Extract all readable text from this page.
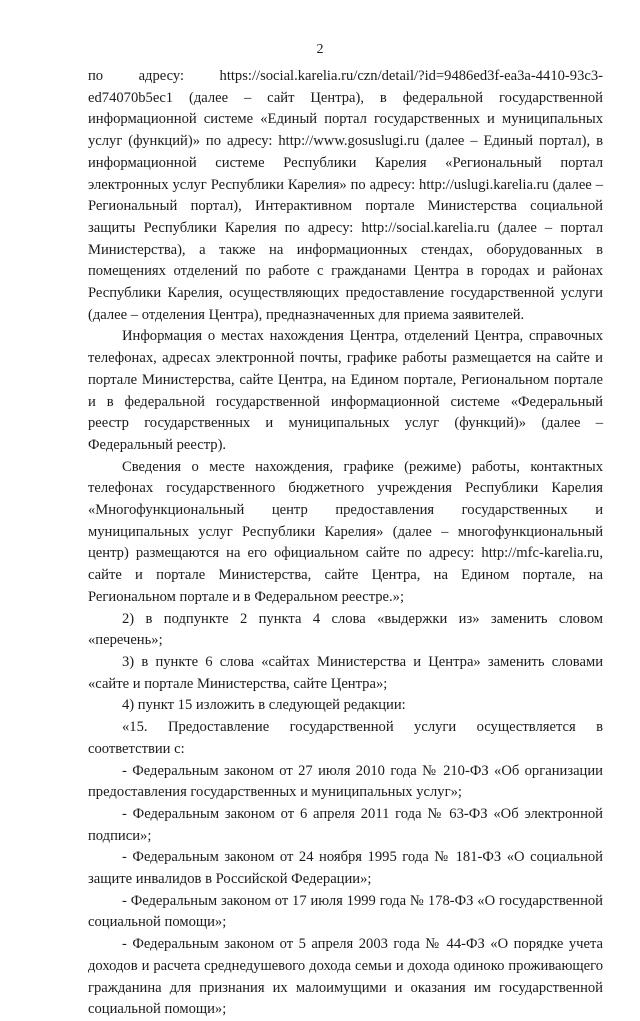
2

по адресу: https://social.karelia.ru/czn/detail/?id=9486ed3f-ea3a-4410-93c3-ed74070b5ec1 (далее – сайт Центра), в федеральной государственной информационной системе «Единый портал государственных и муниципальных услуг (функций)» по адресу: http://www.gosuslugi.ru (далее – Единый портал), в информационной системе Республики Карелия «Региональный портал электронных услуг Республики Карелия» по адресу: http://uslugi.karelia.ru (далее – Региональный портал), Интерактивном портале Министерства социальной защиты Республики Карелия по адресу: http://social.karelia.ru (далее – портал Министерства), а также на информационных стендах, оборудованных в помещениях отделений по работе с гражданами Центра в городах и районах Республики Карелия, осуществляющих предоставление государственной услуги (далее – отделения Центра), предназначенных для приема заявителей.

Информация о местах нахождения Центра, отделений Центра, справочных телефонах, адресах электронной почты, графике работы размещается на сайте и портале Министерства, сайте Центра, на Едином портале, Региональном портале и в федеральной государственной информационной системе «Федеральный реестр государственных и муниципальных услуг (функций)» (далее – Федеральный реестр).

Сведения о месте нахождения, графике (режиме) работы, контактных телефонах государственного бюджетного учреждения Республики Карелия «Многофункциональный центр предоставления государственных и муниципальных услуг Республики Карелия» (далее – многофункциональный центр) размещаются на его официальном сайте по адресу: http://mfc-karelia.ru, сайте и портале Министерства, сайте Центра, на Едином портале, на Региональном портале и в Федеральном реестре.»;

2) в подпункте 2 пункта 4 слова «выдержки из» заменить словом «перечень»;

3) в пункте 6 слова «сайтах Министерства и Центра» заменить словами «сайте и портале Министерства, сайте Центра»;

4) пункт 15 изложить в следующей редакции:

«15. Предоставление государственной услуги осуществляется в соответствии с:

- Федеральным законом от 27 июля 2010 года № 210-ФЗ «Об организации предоставления государственных и муниципальных услуг»;

- Федеральным законом от 6 апреля 2011 года № 63-ФЗ «Об электронной подписи»;

- Федеральным законом от 24 ноября 1995 года № 181-ФЗ «О социальной защите инвалидов в Российской Федерации»;

- Федеральным законом от 17 июля 1999 года № 178-ФЗ «О государственной социальной помощи»;

- Федеральным законом от 5 апреля 2003 года № 44-ФЗ «О порядке учета доходов и расчета среднедушевого дохода семьи и дохода одиноко проживающего гражданина для признания их малоимущими и оказания им государственной социальной помощи»;
